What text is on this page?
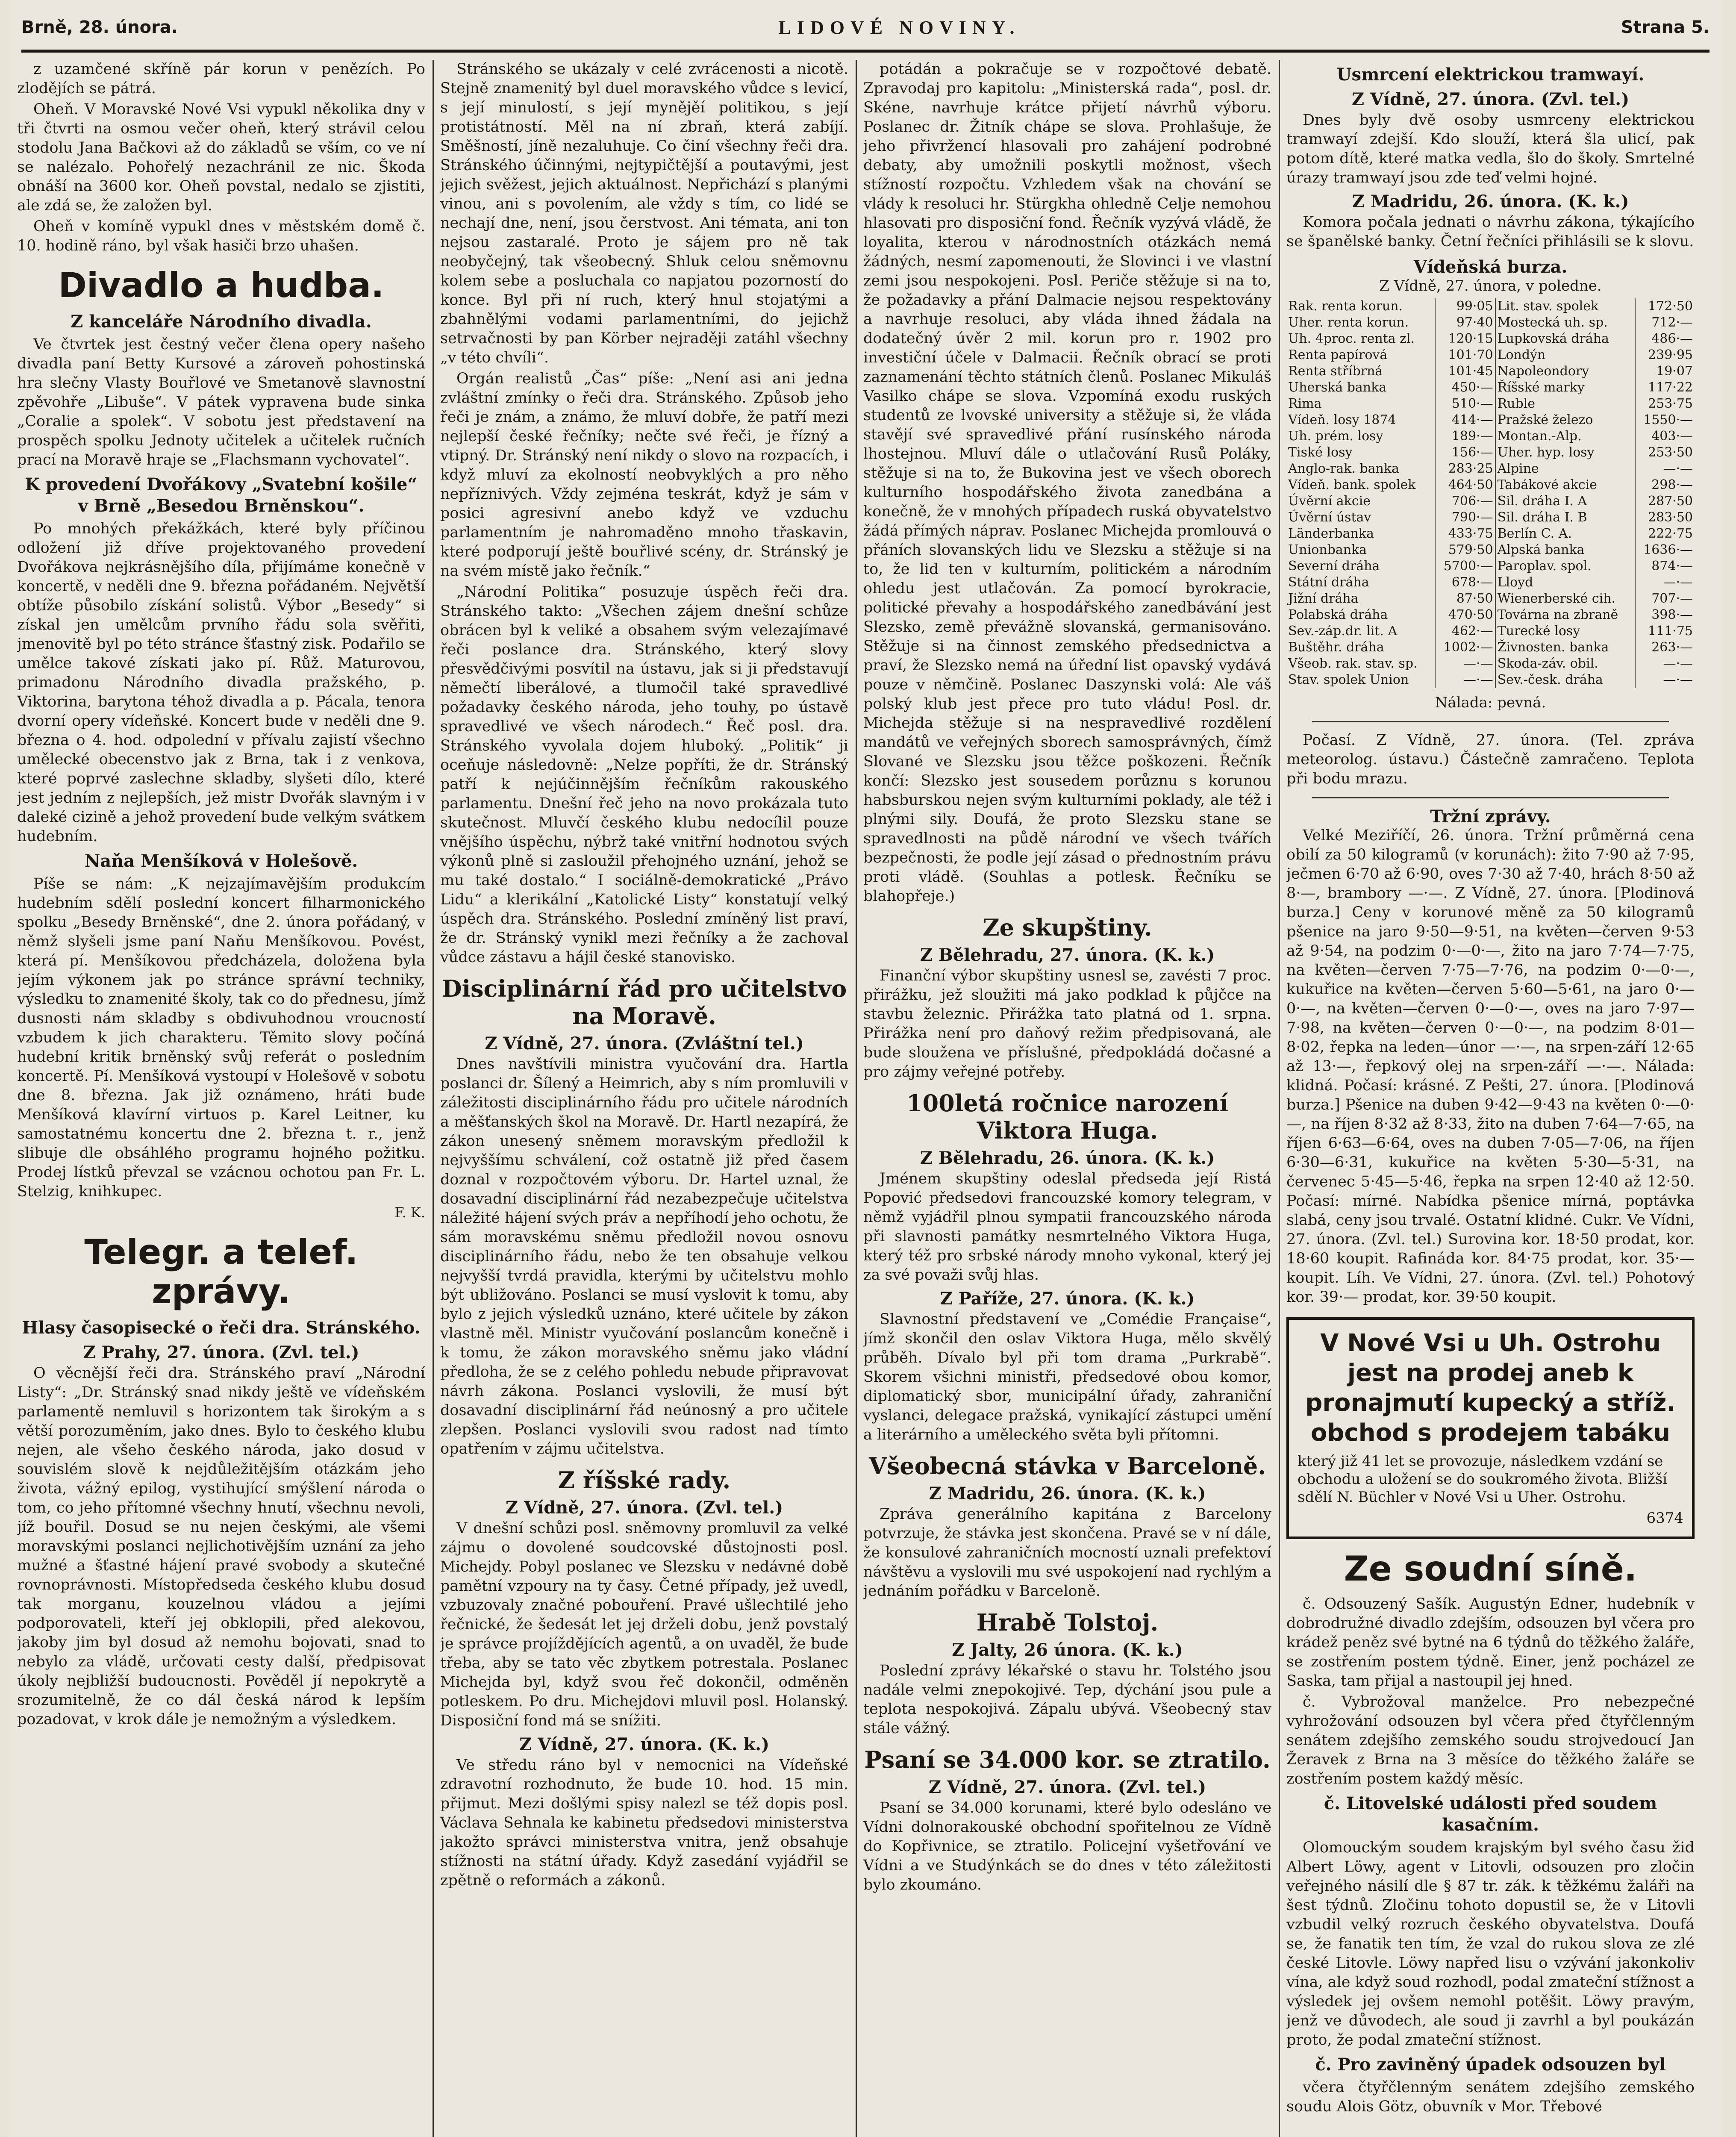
Brně, 28. února.	LIDOVÉ NOVINY.	Strana 5.

z uzamčené skříně pár korun v penězích. Po zlodějích se pátrá.

Oheň. V Moravské Nové Vsi vypukl několika dny v tři čtvrti na osmou večer oheň, který strávil celou stodolu Jana Bačkovi až do základů se vším, co ve ní se nalézalo. Pohořelý nezachránil ze nic. Škoda obnáší na 3600 kor. Oheň povstal, nedalo se zjistiti, ale zdá se, že založen byl.

Oheň v komíně vypukl dnes v městském domě č. 10. hodině ráno, byl však hasiči brzo uhašen.

Divadlo a hudba.
Z kanceláře Národního divadla.

Ve čtvrtek jest čestný večer člena opery našeho divadla paní Betty Kursové a zároveň pohostinská hra slečny Vlasty Bouřlové ve Smetanově slavnostní zpěvohře „Libuše“. V pátek vypravena bude sinka „Coralie a spolek“. V sobotu jest představení na prospěch spolku Jednoty učitelek a učitelek ručních prací na Moravě hraje se „Flachsmann vychovatel“.

K provedení Dvořákovy „Svatební košile“ v Brně „Besedou Brněnskou“.

Po mnohých překážkách, které byly příčinou odložení již dříve projektovaného provedení Dvořákova nejkrásnějšího díla, přijímáme konečně v koncertě, v neděli dne 9. března pořádaném. Největší obtíže působilo získání solistů. Výbor „Besedy“ si získal jen umělcům prvního řádu sola svěřiti, jmenovitě byl po této stránce šťastný zisk. Podařilo se umělce takové získati jako pí. Růž. Maturovou, primadonu Národního divadla pražského, p. Viktorina, barytona téhož divadla a p. Pácala, tenora dvorní opery vídeňské. Koncert bude v neděli dne 9. března o 4. hod. odpolední v přívalu zajistí všechno umělecké obecenstvo jak z Brna, tak i z venkova, které poprvé zaslechne skladby, slyšeti dílo, které jest jedním z nejlepších, jež mistr Dvořák slavným i v daleké cizině a jehož provedení bude velkým svátkem hudebním.

Naňa Menšíková v Holešově.

Píše se nám: „K nejzajímavějším produkcím hudebním sdělí poslední koncert filharmonického spolku „Besedy Brněnské“, dne 2. února pořádaný, v němž slyšeli jsme paní Naňu Menšíkovou. Povést, která pí. Menšíkovou předcházela, doložena byla jejím výkonem jak po stránce správní techniky, výsledku to znamenité školy, tak co do přednesu, jímž dusnosti nám skladby s obdivuhodnou vroucností vzbudem k jich charakteru. Těmito slovy počíná hudební kritik brněnský svůj referát o posledním koncertě. Pí. Menšíková vystoupí v Holešově v sobotu dne 8. března. Jak již oznámeno, hráti bude Menšíková klavírní virtuos p. Karel Leitner, ku samostatnému koncertu dne 2. března t. r., jenž slibuje dle obsáhlého programu hojného požitku. Prodej lístků převzal se vzácnou ochotou pan Fr. L. Stelzig, knihkupec.

F. K.
Telegr. a telef. zprávy.
Hlasy časopisecké o řeči dra. Stránského.
Z Prahy, 27. února. (Zvl. tel.)

O věcnější řeči dra. Stránského praví „Národní Listy“: „Dr. Stránský snad nikdy ještě ve vídeňském parlamentě nemluvil s horizontem tak širokým a s větší porozuměním, jako dnes. Bylo to českého klubu nejen, ale všeho českého národa, jako dosud v souvislém slově k nejdůležitějším otázkám jeho života, vážný epilog, vystihující smýšlení národa o tom, co jeho přítomné všechny hnutí, všechnu nevoli, jíž bouřil. Dosud se nu nejen českými, ale všemi moravskými poslanci nejlichotivějším uznání za jeho mužné a šťastné hájení pravé svobody a skutečné rovnoprávnosti. Místopředseda českého klubu dosud tak morganu, kouzelnou vládou a jejími podporovateli, kteří jej obklopili, před alekovou, jakoby jim byl dosud až nemohu bojovati, snad to nebylo za vládě, určovati cesty další, předpisovat úkoly nejbližší budoucnosti. Pověděl jí nepokrytě a srozumitelně, že co dál česká národ k lepším pozadovat, v krok dále je nemožným a výsledkem.

Stránského se ukázaly v celé zvrácenosti a nicotě. Stejně znamenitý byl duel moravského vůdce s levicí, s její minulostí, s její mynějěí politikou, s její protistátností. Měl na ní zbraň, která zabíjí. Směšností, jíně nezaluhuje. Co činí všechny řeči dra. Stránského účinnými, nejtypičtější a poutavými, jest jejich svěžest, jejich aktuálnost. Nepřichází s planými vinou, ani s povolením, ale vždy s tím, co lidé se nechají dne, není, jsou čerstvost. Ani témata, ani ton nejsou zastaralé. Proto je sájem pro ně tak neobyčejný, tak všeobecný. Shluk celou sněmovnu kolem sebe a posluchala co napjatou pozorností do konce. Byl při ní ruch, který hnul stojatými a zbahnělými vodami parlamentními, do jejichž setrvačnosti by pan Körber nejraději zatáhl všechny „v této chvíli“.

Orgán realistů „Čas“ píše: „Není asi ani jedna zvláštní zmínky o řeči dra. Stránského. Způsob jeho řeči je znám, a známo, že mluví dobře, že patří mezi nejlepší české řečníky; nečte své řeči, je řízný a vtipný. Dr. Stránský není nikdy o slovo na rozpacích, i když mluví za ekolností neobvyklých a pro něho nepříznivých. Vždy zejména teskrát, když je sám v posici agresivní anebo když ve vzduchu parlamentním je nahromaděno mnoho třaskavin, které podporují ještě bouřlivé scény, dr. Stránský je na svém místě jako řečník.“

„Národní Politika“ posuzuje úspěch řeči dra. Stránského takto: „Všechen zájem dnešní schůze obrácen byl k veliké a obsahem svým velezajímavé řeči poslance dra. Stránského, který slovy přesvědčivými posvítil na ústavu, jak si ji představují němečtí liberálové, a tlumočil také spravedlivé požadavky českého národa, jeho touhy, po ústavě spravedlivé ve všech národech.“ Řeč posl. dra. Stránského vyvolala dojem hluboký. „Politik“ ji oceňuje následovně: „Nelze popříti, že dr. Stránský patří k nejúčinnějším řečníkům rakouského parlamentu. Dnešní řeč jeho na novo prokázala tuto skutečnost. Mluvčí českého klubu nedocílil pouze vnějšího úspěchu, nýbrž také vnitřní hodnotou svých výkonů plně si zasloužil přehojného uznání, jehož se mu také dostalo.“ I sociálně-demokratické „Právo Lidu“ a klerikální „Katolické Listy“ konstatují velký úspěch dra. Stránského. Poslední zmíněný list praví, že dr. Stránský vynikl mezi řečníky a že zachoval vůdce zástavu a hájil české stanovisko.

Disciplinární řád pro učitelstvo na Moravě.
Z Vídně, 27. února. (Zvláštní tel.)

Dnes navštívili ministra vyučování dra. Hartla poslanci dr. Šílený a Heimrich, aby s ním promluvili v záležitosti disciplinárního řádu pro učitele národních a měšťanských škol na Moravě. Dr. Hartl nezapírá, že zákon unesený sněmem moravským předložil k nejvyššímu schválení, což ostatně již před časem doznal v rozpočtovém výboru. Dr. Hartel uznal, že dosavadní disciplinární řád nezabezpečuje učitelstva náležité hájení svých práv a nepříhodí jeho ochotu, že sám moravskému sněmu předložil novou osnovu disciplinárního řádu, nebo že ten obsahuje velkou nejvyšší tvrdá pravidla, kterými by učitelstvu mohlo být ubližováno. Poslanci se musí vyslovit k tomu, aby bylo z jejich výsledků uznáno, které učitele by zákon vlastně měl. Ministr vyučování poslancům konečně i k tomu, že zákon moravského sněmu jako vládní předloha, že se z celého pohledu nebude připravovat návrh zákona. Poslanci vyslovili, že musí být dosavadní disciplinární řád neúnosný a pro učitele zlepšen. Poslanci vyslovili svou radost nad tímto opatřením v zájmu učitelstva.

Z říšské rady.
Z Vídně, 27. února. (Zvl. tel.)

V dnešní schůzi posl. sněmovny promluvil za velké zájmu o dovolené soudcovské důstojnosti posl. Michejdy. Pobyl poslanec ve Slezsku v nedávné době pamětní vzpoury na ty časy. Četné případy, jež uvedl, vzbuzovaly značné pobouření. Pravé ušlechtilé jeho řečnické, že šedesát let jej drželi dobu, jenž povstalý je správce projíždějících agentů, a on uvaděl, že bude třeba, aby se tato věc zbytkem potrestala. Poslanec Michejda byl, když svou řeč dokončil, odměněn potleskem. Po dru. Michejdovi mluvil posl. Holanský. Disposiční fond má se snížiti.

Z Vídně, 27. února. (K. k.)

Ve středu ráno byl v nemocnici na Vídeňské zdravotní rozhodnuto, že bude 10. hod. 15 min. přijmut. Mezi došlými spisy nalezl se též dopis posl. Václava Sehnala ke kabinetu předsedovi ministerstva jakožto správci ministerstva vnitra, jenž obsahuje stížnosti na státní úřady. Když zasedání vyjádřil se zpětně o reformách a zákonů.

potádán a pokračuje se v rozpočtové debatě. Zpravodaj pro kapitolu: „Ministerská rada“, posl. dr. Skéne, navrhuje krátce přijetí návrhů výboru. Poslanec dr. Žitník chápe se slova. Prohlašuje, že jeho přivržencí hlasovali pro zahájení podrobné debaty, aby umožnili poskytli možnost, všech stížností rozpočtu. Vzhledem však na chování se vlády k resoluci hr. Stürgkha ohledně Celje nemohou hlasovati pro disposiční fond. Řečník vyzývá vládě, že loyalita, kterou v národnostních otázkách nemá žádných, nesmí zapomenouti, že Slovinci i ve vlastní zemi jsou nespokojeni. Posl. Periče stěžuje si na to, že požadavky a přání Dalmacie nejsou respektovány a navrhuje resoluci, aby vláda ihned žádala na dodatečný úvěr 2 mil. korun pro r. 1902 pro investiční účele v Dalmacii. Řečník obrací se proti zaznamenání těchto státních členů. Poslanec Mikuláš Vasilko chápe se slova. Vzpomíná exodu ruských studentů ze lvovské university a stěžuje si, že vláda stavějí své spravedlivé přání rusínského národa lhostejnou. Mluví dále o utlačování Rusů Poláky, stěžuje si na to, že Bukovina jest ve všech oborech kulturního hospodářského života zanedbána a konečně, že v mnohých případech ruská obyvatelstvo žádá přímých náprav. Poslanec Michejda promlouvá o přáních slovanských lidu ve Slezsku a stěžuje si na to, že lid ten v kulturním, politickém a národním ohledu jest utlačován. Za pomocí byrokracie, politické převahy a hospodářského zanedbávání jest Slezsko, země převážně slovanská, germanisováno. Stěžuje si na činnost zemského předsednictva a praví, že Slezsko nemá na úřední list opavský vydává pouze v němčině. Poslanec Daszynski volá: Ale váš polský klub jest přece pro tuto vládu! Posl. dr. Michejda stěžuje si na nespravedlivé rozdělení mandátů ve veřejných sborech samosprávných, čímž Slované ve Slezsku jsou těžce poškozeni. Řečník končí: Slezsko jest sousedem porůznu s korunou habsburskou nejen svým kulturními poklady, ale též i plnými sily. Doufá, že proto Slezsku stane se spravedlnosti na půdě národní ve všech tvářích bezpečnosti, že podle její zásad o přednostním právu proti vládě. (Souhlas a potlesk. Řečníku se blahopřeje.)

Ze skupštiny.
Z Bělehradu, 27. února. (K. k.)

Finanční výbor skupštiny usnesl se, zavésti 7 proc. přirážku, jež sloužiti má jako podklad k půjčce na stavbu železnic. Přirážka tato platná od 1. srpna. Přirážka není pro daňový režim předpisovaná, ale bude sloužena ve příslušné, předpokládá dočasné a pro zájmy veřejné potřeby.

100letá ročnice narození Viktora Huga.
Z Bělehradu, 26. února. (K. k.)

Jménem skupštiny odeslal předseda její Ristá Popović předsedovi francouzské komory telegram, v němž vyjádřil plnou sympatii francouzského národa při slavnosti památky nesmrtelného Viktora Huga, který též pro srbské národy mnoho vykonal, který jej za své považi svůj hlas.

Z Paříže, 27. února. (K. k.)

Slavnostní představení ve „Comédie Française“, jímž skončil den oslav Viktora Huga, mělo skvělý průběh. Dívalo byl při tom drama „Purkrabě“. Skorem všichni ministři, předsedové obou komor, diplomatický sbor, municipální úřady, zahraniční vyslanci, delegace pražská, vynikající zástupci umění a literárního a uměleckého světa byli přítomni.

Všeobecná stávka v Barceloně.
Z Madridu, 26. února. (K. k.)

Zpráva generálního kapitána z Barcelony potvrzuje, že stávka jest skončena. Pravé se v ní dále, že konsulové zahraničních mocností uznali prefektoví návštěvu a vyslovili mu své uspokojení nad rychlým a jednáním pořádku v Barceloně.

Hrabě Tolstoj.
Z Jalty, 26 února. (K. k.)

Poslední zprávy lékařské o stavu hr. Tolstého jsou nadále velmi znepokojivé. Tep, dýchání jsou pule a teplota nespokojivá. Zápalu ubývá. Všeobecný stav stále vážný.

Psaní se 34.000 kor. se ztratilo.
Z Vídně, 27. února. (Zvl. tel.)

Psaní se 34.000 korunami, které bylo odesláno ve Vídni dolnorakouské obchodní spořitelnou ze Vídně do Kopřivnice, se ztratilo. Policejní vyšetřování ve Vídni a ve Studýnkách se do dnes v této záležitosti bylo zkoumáno.

Usmrcení elektrickou tramwayí.
Z Vídně, 27. února. (Zvl. tel.)

Dnes byly dvě osoby usmrceny elektrickou tramwayí zdejší. Kdo slouží, která šla ulicí, pak potom dítě, které matka vedla, šlo do školy. Smrtelné úrazy tramwayí jsou zde teď velmi hojné.

Z Madridu, 26. února. (K. k.)

Komora počala jednati o návrhu zákona, týkajícího se španělské banky. Četní řečníci přihlásili se k slovu.

Vídeňská burza.
Z Vídně, 27. února, v poledne.
Rak. renta korun.	99·05	Lit. stav. spolek	172·50
Uher. renta korun.	97·40	Mostecká uh. sp.	712·—
Uh. 4proc. renta zl.	120·15	Lupkovská dráha	486·—
Renta papírová	101·70	Londýn	239·95
Renta stříbrná	101·45	Napoleondory	19·07
Uherská banka	450·—	Říšské marky	117·22
Rima	510·—	Ruble	253·75
Vídeň. losy 1874	414·—	Pražské železo	1550·—
Uh. prém. losy	189·—	Montan.-Alp.	403·—
Tiské losy	156·—	Uher. hyp. losy	253·50
Anglo-rak. banka	283·25	Alpine	—·—
Vídeň. bank. spolek	464·50	Tabákové akcie	298·—
Úvěrní akcie	706·—	Sil. dráha I. A	287·50
Úvěrní ústav	790·—	Sil. dráha I. B	283·50
Länderbanka	433·75	Berlín C. A.	222·75
Unionbanka	579·50	Alpská banka	1636·—
Severní dráha	5700·—	Paroplav. spol.	874·—
Státní dráha	678·—	Lloyd	—·—
Jižní dráha	87·50	Wienerberské cih.	707·—
Polabská dráha	470·50	Továrna na zbraně	398·—
Sev.-záp.dr. lit. A	462·—	Turecké losy	111·75
Buštěhr. dráha	1002·—	Živnosten. banka	263·—
Všeob. rak. stav. sp.	—·—	Skoda-záv. obil.	—·—
Stav. spolek Union	—·—	Sev.-česk. dráha	—·—
Nálada: pevná.

Počasí. Z Vídně, 27. února. (Tel. zpráva meteorolog. ústavu.) Částečně zamračeno. Teplota při bodu mrazu.

Tržní zprávy.

Velké Meziříčí, 26. února. Tržní průměrná cena obilí za 50 kilogramů (v korunách): žito 7·90 až 7·95, ječmen 6·70 až 6·90, oves 7·30 až 7·40, hrách 8·50 až 8·—, brambory —·—. Z Vídně, 27. února. [Plodinová burza.] Ceny v korunové měně za 50 kilogramů pšenice na jaro 9·50—9·51, na květen—červen 9·53 až 9·54, na podzim 0·—0·—, žito na jaro 7·74—7·75, na květen—červen 7·75—7·76, na podzim 0·—0·—, kukuřice na květen—červen 5·60—5·61, na jaro 0·—0·—, na květen—červen 0·—0·—, oves na jaro 7·97—7·98, na květen—červen 0·—0·—, na podzim 8·01—8·02, řepka na leden—únor —·—, na srpen-září 12·65 až 13·—, řepkový olej na srpen-září —·—. Nálada: klidná. Počasí: krásné. Z Pešti, 27. února. [Plodinová burza.] Pšenice na duben 9·42—9·43 na květen 0·—0·—, na říjen 8·32 až 8·33, žito na duben 7·64—7·65, na říjen 6·63—6·64, oves na duben 7·05—7·06, na říjen 6·30—6·31, kukuřice na květen 5·30—5·31, na červenec 5·45—5·46, řepka na srpen 12·40 až 12·50. Počasí: mírné. Nabídka pšenice mírná, poptávka slabá, ceny jsou trvalé. Ostatní klidné. Cukr. Ve Vídni, 27. února. (Zvl. tel.) Surovina kor. 18·50 prodat, kor. 18·60 koupit. Rafináda kor. 84·75 prodat, kor. 35·— koupit. Líh. Ve Vídni, 27. února. (Zvl. tel.) Pohotový kor. 39·— prodat, kor. 39·50 koupit.

V Nové Vsi u Uh. Ostrohu jest na prodej aneb k pronajmutí kupecký a stříž. obchod s prodejem tabáku
který již 41 let se provozuje, následkem vzdání se obchodu a uložení se do soukromého života. Bližší sdělí N. Büchler v Nové Vsi u Uher. Ostrohu.
6374
Ze soudní síně.

č. Odsouzený Sašík. Augustýn Edner, hudebník v dobrodružné divadlo zdejším, odsouzen byl včera pro krádež peněz své bytné na 6 týdnů do těžkého žaláře, se zostřením postem týdně. Einer, jenž pocházel ze Saska, tam přijal a nastoupil jej hned.

č. Vybrožoval manželce. Pro nebezpečné vyhrožování odsouzen byl včera před čtyřčlenným senátem zdejšího zemského soudu strojvedoucí Jan Žeravek z Brna na 3 měsíce do těžkého žaláře se zostřením postem každý měsíc.

č. Litovelské události před soudem kasačním.

Olomouckým soudem krajským byl svého času žid Albert Löwy, agent v Litovli, odsouzen pro zločin veřejného násilí dle § 87 tr. zák. k těžkému žaláři na šest týdnů. Zločinu tohoto dopustil se, že v Litovli vzbudil velký rozruch českého obyvatelstva. Doufá se, že fanatik ten tím, že vzal do rukou slova ze zlé české Litovle. Löwy napřed lisu o vzývání jakonkoliv vína, ale když soud rozhodl, podal zmateční stížnost a výsledek jej ovšem nemohl potěšit. Löwy pravým, jenž ve důvodech, ale soud ji zavrhl a byl poukázán proto, že podal zmateční stížnost.

č. Pro zaviněný úpadek odsouzen byl

včera čtyřčlenným senátem zdejšího zemského soudu Alois Götz, obuvník v Mor. Třebové
